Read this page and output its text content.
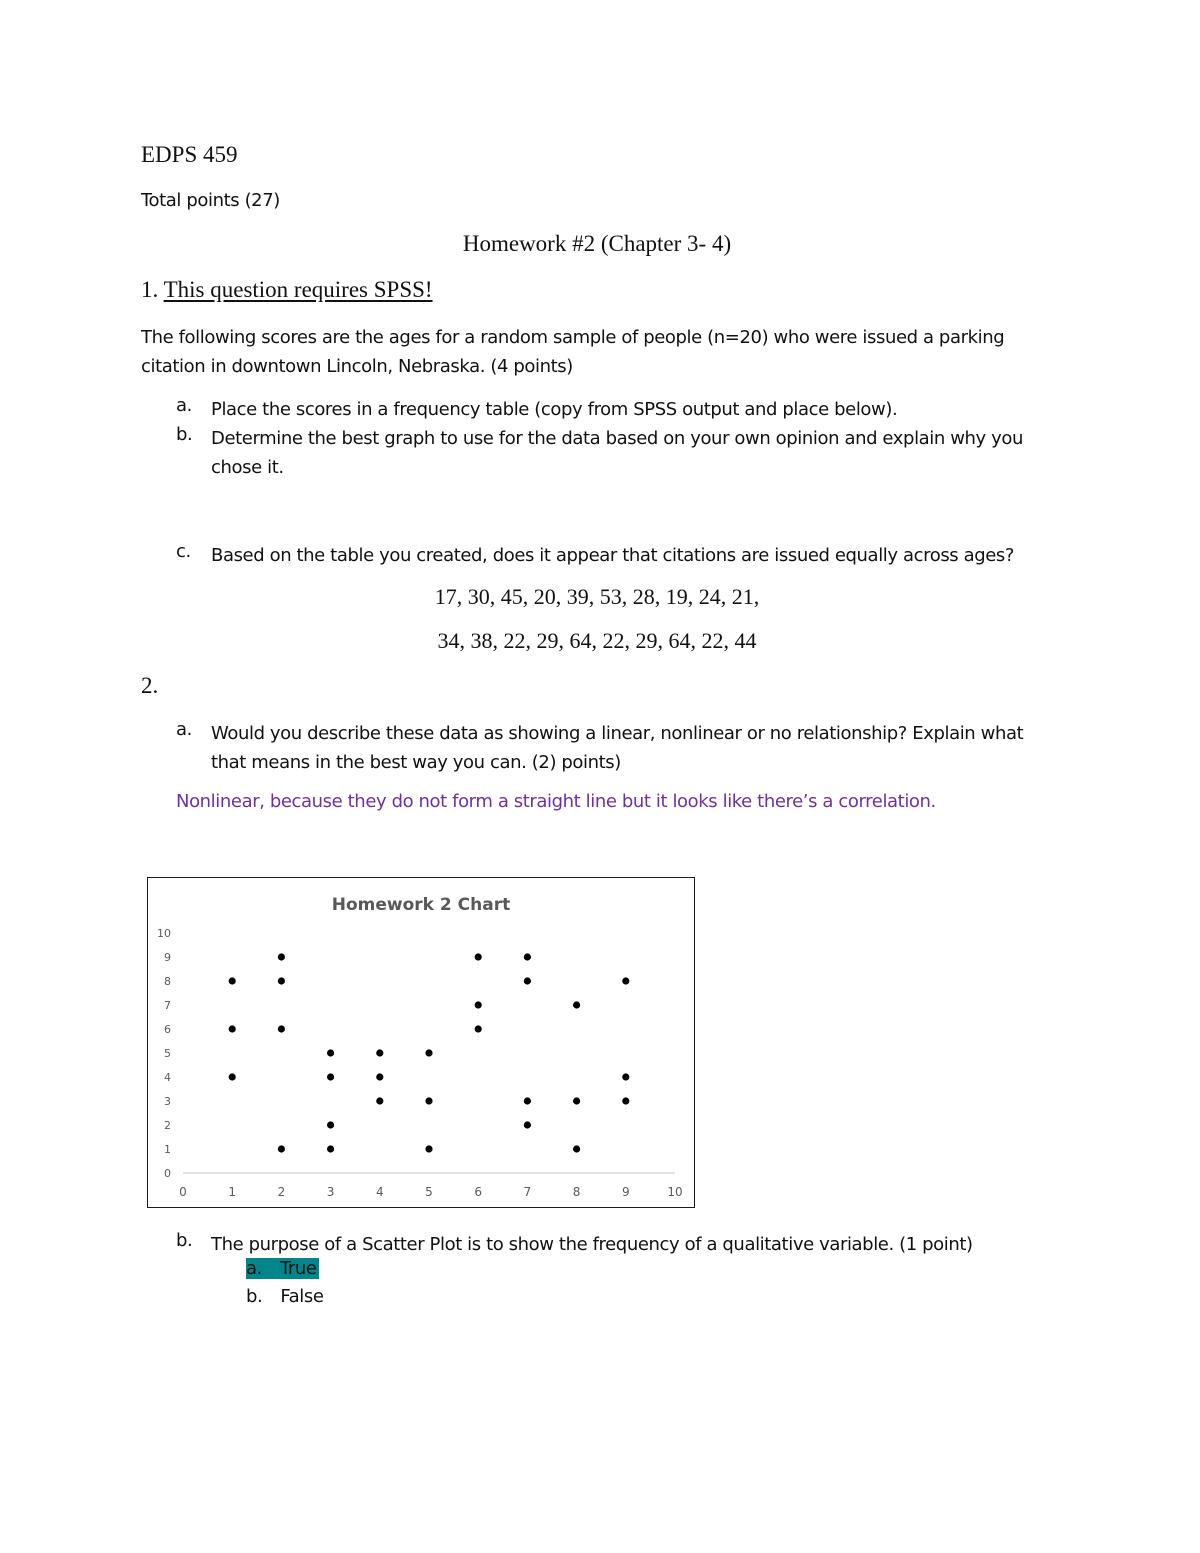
EDPS 459
Total points (27)
Homework #2 (Chapter 3- 4)
1. This question requires SPSS!

The following scores are the ages for a random sample of people (n=20) who were issued a parking citation in downtown Lincoln, Nebraska. (4 points)

a. Place the scores in a frequency table (copy from SPSS output and place below).
b. Determine the best graph to use for the data based on your own opinion and explain why you chose it.
c. Based on the table you created, does it appear that citations are issued equally across ages?
17, 30, 45, 20, 39, 53, 28, 19, 24, 21,
34, 38, 22, 29, 64, 22, 29, 64, 22, 44
2.
a. Would you describe these data as showing a linear, nonlinear or no relationship? Explain what that means in the best way you can. (2) points)
Nonlinear, because they do not form a straight line but it looks like there’s a correlation.
Homework 2 Chart
0	1	2	3	4	5	6	7	8	9	10
0
1
2
3
4
5
6
7
8
9
10
b. The purpose of a Scatter Plot is to show the frequency of a qualitative variable. (1 point)
a. True
b. False
